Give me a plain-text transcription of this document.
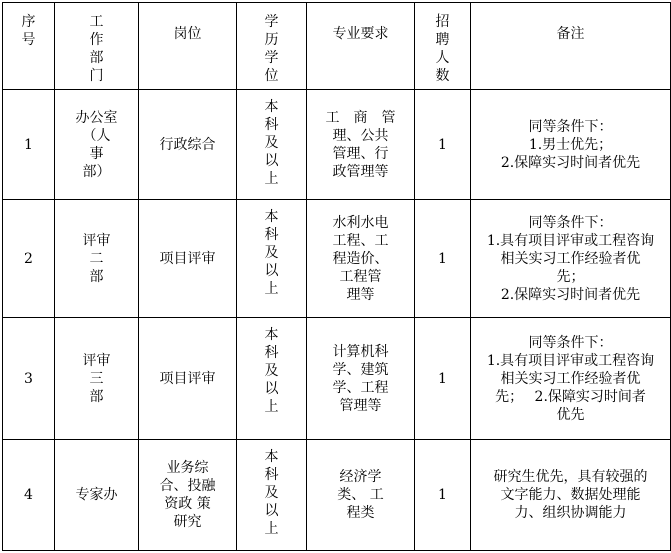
序
号	工
作
部
门	岗位	学
历
学
位	专业要求	招
聘
人
数	备注

1	办公室
（人
事
部）	行政综合	本
科
及
以
上	工　商　管
理、公共
管理、行
政管理等	1	同等条件下：
1.男士优先；
2.保障实习时间者优先

2	评审
二
部	项目评审	本
科
及
以
上	水利水电
工程、工
程造价、
工程管
理等	1	同等条件下：
1.具有项目评审或工程咨询
相关实习工作经验者优
先；
2.保障实习时间者优先

3	评审
三
部	项目评审	本
科
及
以
上	计算机科
学、建筑
学、工程
管理等	1	同等条件下：
1.具有项目评审或工程咨询
相关实习工作经验者优
先；　 2.保障实习时间者
优先

4	专家办	业务综
合、投融
资政 策
研究	本
科
及
以
上	经济学
类、 工
程类	1	研究生优先，具有较强的
文字能力、数据处理能
力、组织协调能力
